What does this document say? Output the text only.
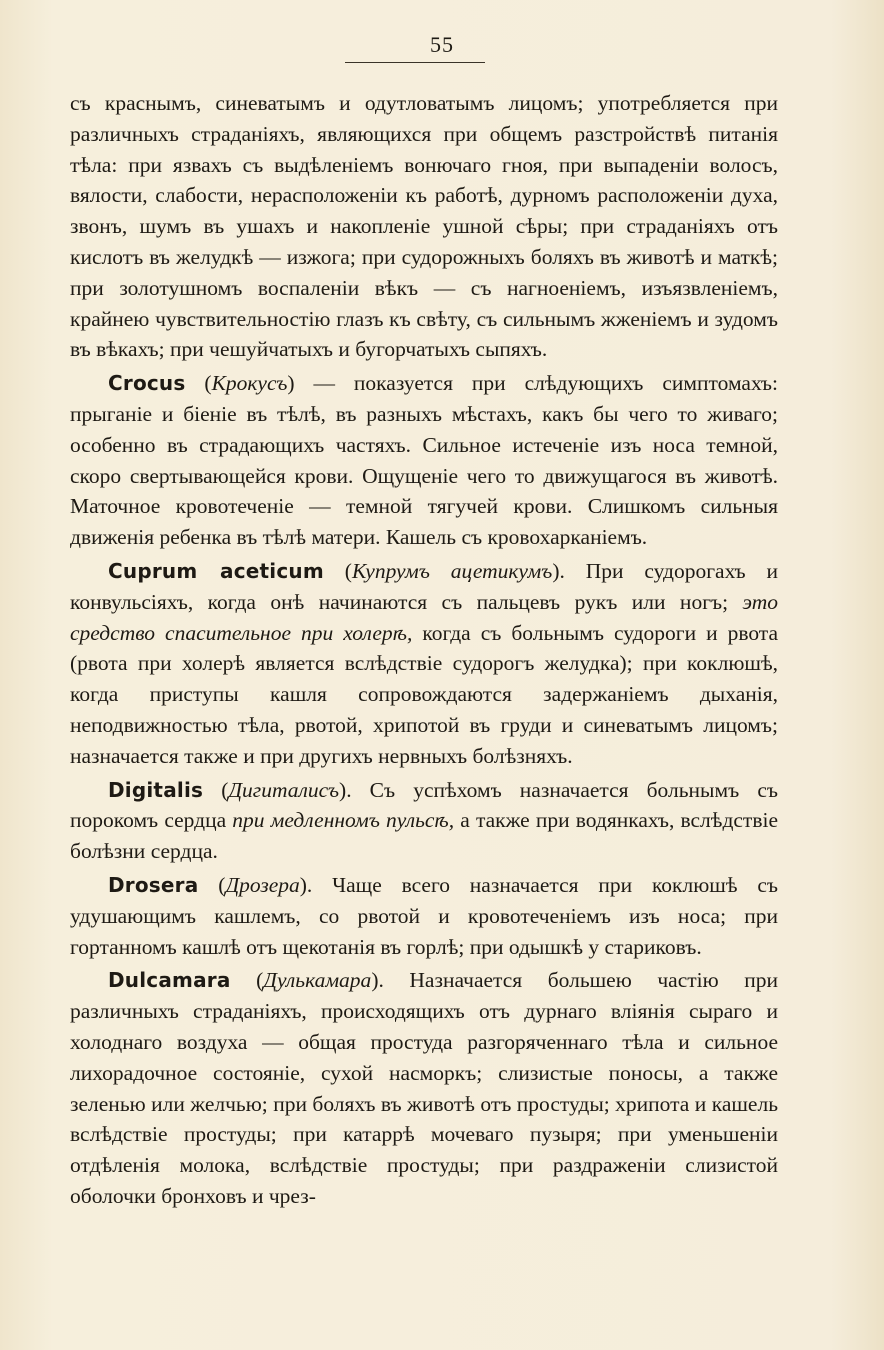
55

съ краснымъ, синеватымъ и одутловатымъ лицомъ; употребляется при различныхъ страданіяхъ, являющихся при общемъ разстройствѣ питанія тѣла: при язвахъ съ выдѣленіемъ вонючаго гноя, при выпаденіи волосъ, вялости, слабости, нерасположеніи къ работѣ, дурномъ расположеніи духа, звонъ, шумъ въ ушахъ и накопленіе ушной сѣры; при страданіяхъ отъ кислотъ въ желудкѣ — изжога; при судорожныхъ боляхъ въ животѣ и маткѣ; при золотушномъ воспаленіи вѣкъ — съ нагноеніемъ, изъязвленіемъ, крайнею чувствительностію глазъ къ свѣту, съ сильнымъ жженіемъ и зудомъ въ вѣкахъ; при чешуйчатыхъ и бугорчатыхъ сыпяхъ.

Crocus (Крокусъ) — показуется при слѣдующихъ симптомахъ: прыганіе и біеніе въ тѣлѣ, въ разныхъ мѣстахъ, какъ бы чего то живаго; особенно въ страдающихъ частяхъ. Сильное истеченіе изъ носа темной, скоро свертывающейся крови. Ощущеніе чего то движущагося въ животѣ. Маточное кровотеченіе — темной тягучей крови. Слишкомъ сильныя движенія ребенка въ тѣлѣ матери. Кашель съ кровохарканіемъ.

Cuprum aceticum (Купрумъ ацетикумъ). При судорогахъ и конвульсіяхъ, когда онѣ начинаются съ пальцевъ рукъ или ногъ; это средство спасительное при холерѣ, когда съ больнымъ судороги и рвота (рвота при холерѣ является вслѣдствіе судорогъ желудка); при коклюшѣ, когда приступы кашля сопровождаются задержаніемъ дыханія, неподвижностью тѣла, рвотой, хрипотой въ груди и синеватымъ лицомъ; назначается также и при другихъ нервныхъ болѣзняхъ.

Digitalis (Дигиталисъ). Съ успѣхомъ назначается больнымъ съ порокомъ сердца при медленномъ пульсѣ, а также при водянкахъ, вслѣдствіе болѣзни сердца.

Drosera (Дрозера). Чаще всего назначается при коклюшѣ съ удушающимъ кашлемъ, со рвотой и кровотеченіемъ изъ носа; при гортанномъ кашлѣ отъ щекотанія въ горлѣ; при одышкѣ у стариковъ.

Dulcamara (Дулькамара). Назначается большею частію при различныхъ страданіяхъ, происходящихъ отъ дурнаго вліянія сыраго и холоднаго воздуха — общая простуда разгоряченнаго тѣла и сильное лихорадочное состояніе, сухой насморкъ; слизистые поносы, а также зеленью или желчью; при боляхъ въ животѣ отъ простуды; хрипота и кашель вслѣдствіе простуды; при катаррѣ мочеваго пузыря; при уменьшеніи отдѣленія молока, вслѣдствіе простуды; при раздраженіи слизистой оболочки бронховъ и чрез-
